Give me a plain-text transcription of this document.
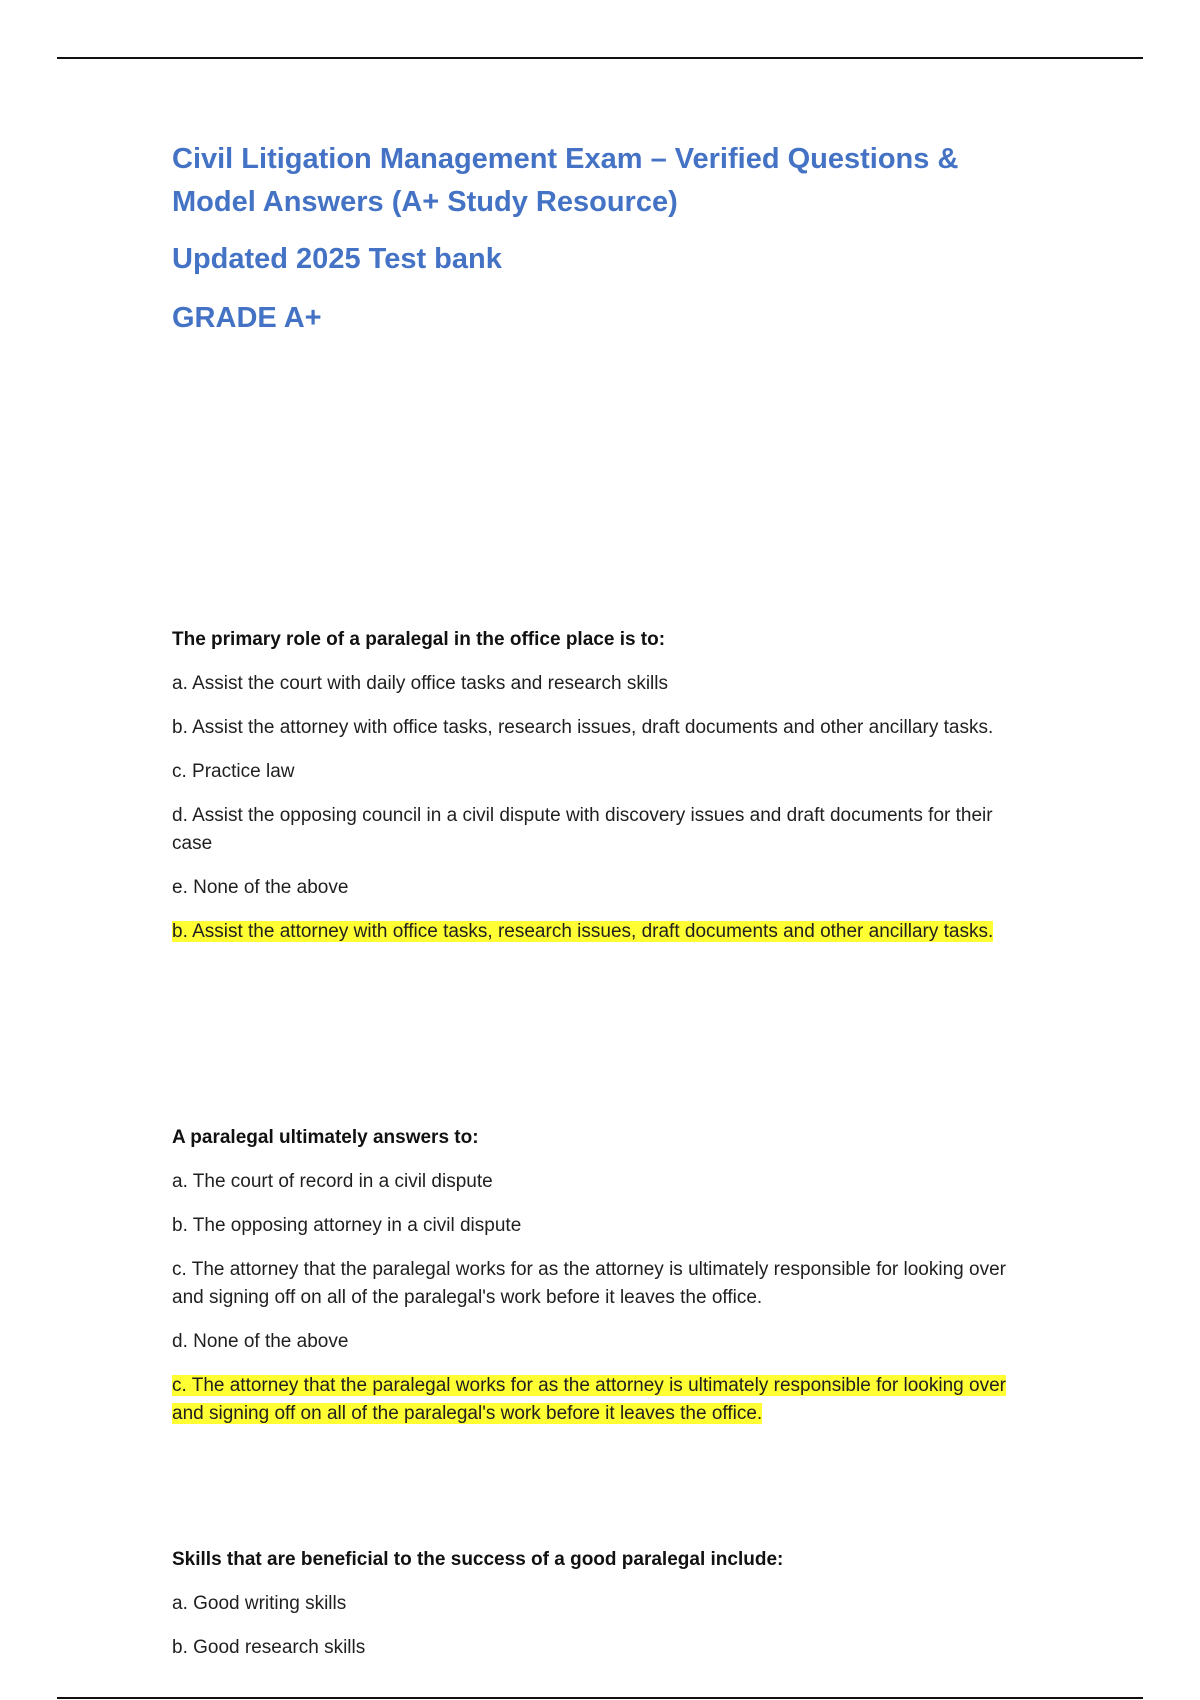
Civil Litigation Management Exam – Verified Questions & Model Answers (A+ Study Resource)
Updated 2025 Test bank
GRADE A+

The primary role of a paralegal in the office place is to:

a. Assist the court with daily office tasks and research skills

b. Assist the attorney with office tasks, research issues, draft documents and other ancillary tasks.

c. Practice law

d. Assist the opposing council in a civil dispute with discovery issues and draft documents for their case

e. None of the above

b. Assist the attorney with office tasks, research issues, draft documents and other ancillary tasks.

A paralegal ultimately answers to:

a. The court of record in a civil dispute

b. The opposing attorney in a civil dispute

c. The attorney that the paralegal works for as the attorney is ultimately responsible for looking over and signing off on all of the paralegal's work before it leaves the office.

d. None of the above

c. The attorney that the paralegal works for as the attorney is ultimately responsible for looking over and signing off on all of the paralegal's work before it leaves the office.

Skills that are beneficial to the success of a good paralegal include:

a. Good writing skills

b. Good research skills
